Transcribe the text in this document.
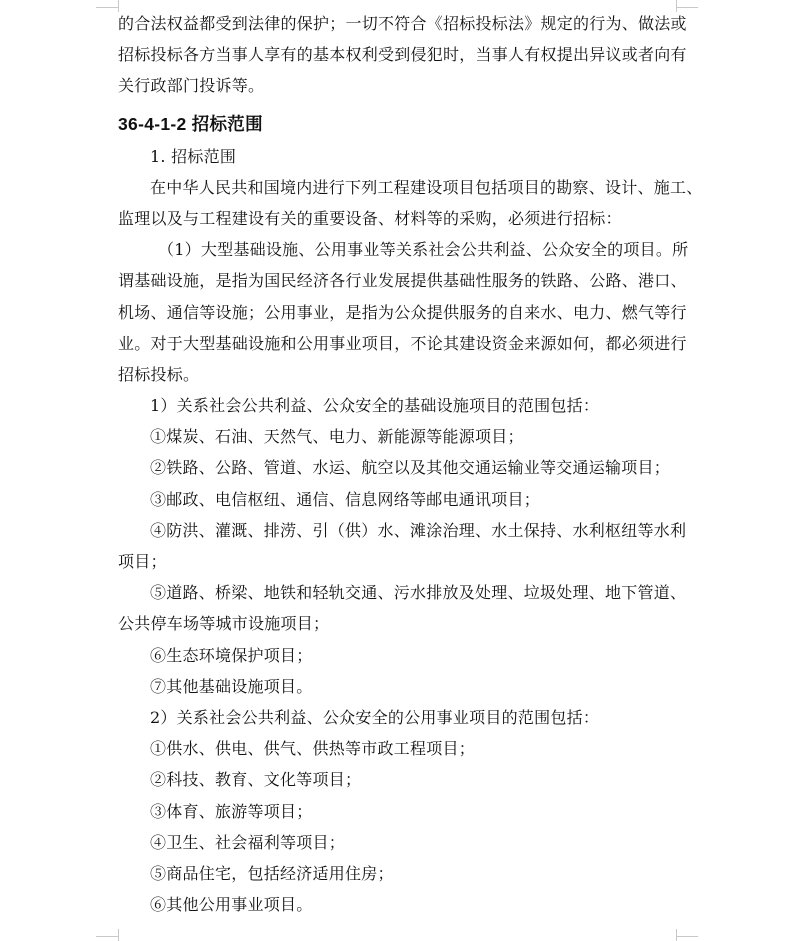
的合法权益都受到法律的保护；一切不符合《招标投标法》规定的行为、做法或
招标投标各方当事人享有的基本权利受到侵犯时，当事人有权提出异议或者向有
关行政部门投诉等。
36-4-1-2 招标范围
1. 招标范围
在中华人民共和国境内进行下列工程建设项目包括项目的勘察、设计、施工、
监理以及与工程建设有关的重要设备、材料等的采购，必须进行招标：
（1）大型基础设施、公用事业等关系社会公共利益、公众安全的项目。所
谓基础设施，是指为国民经济各行业发展提供基础性服务的铁路、公路、港口、
机场、通信等设施；公用事业，是指为公众提供服务的自来水、电力、燃气等行
业。对于大型基础设施和公用事业项目，不论其建设资金来源如何，都必须进行
招标投标。
1）关系社会公共利益、公众安全的基础设施项目的范围包括：
①煤炭、石油、天然气、电力、新能源等能源项目；
②铁路、公路、管道、水运、航空以及其他交通运输业等交通运输项目；
③邮政、电信枢纽、通信、信息网络等邮电通讯项目；
④防洪、灌溉、排涝、引（供）水、滩涂治理、水土保持、水利枢纽等水利
项目；
⑤道路、桥梁、地铁和轻轨交通、污水排放及处理、垃圾处理、地下管道、
公共停车场等城市设施项目；
⑥生态环境保护项目；
⑦其他基础设施项目。
2）关系社会公共利益、公众安全的公用事业项目的范围包括：
①供水、供电、供气、供热等市政工程项目；
②科技、教育、文化等项目；
③体育、旅游等项目；
④卫生、社会福利等项目；
⑤商品住宅，包括经济适用住房；
⑥其他公用事业项目。
